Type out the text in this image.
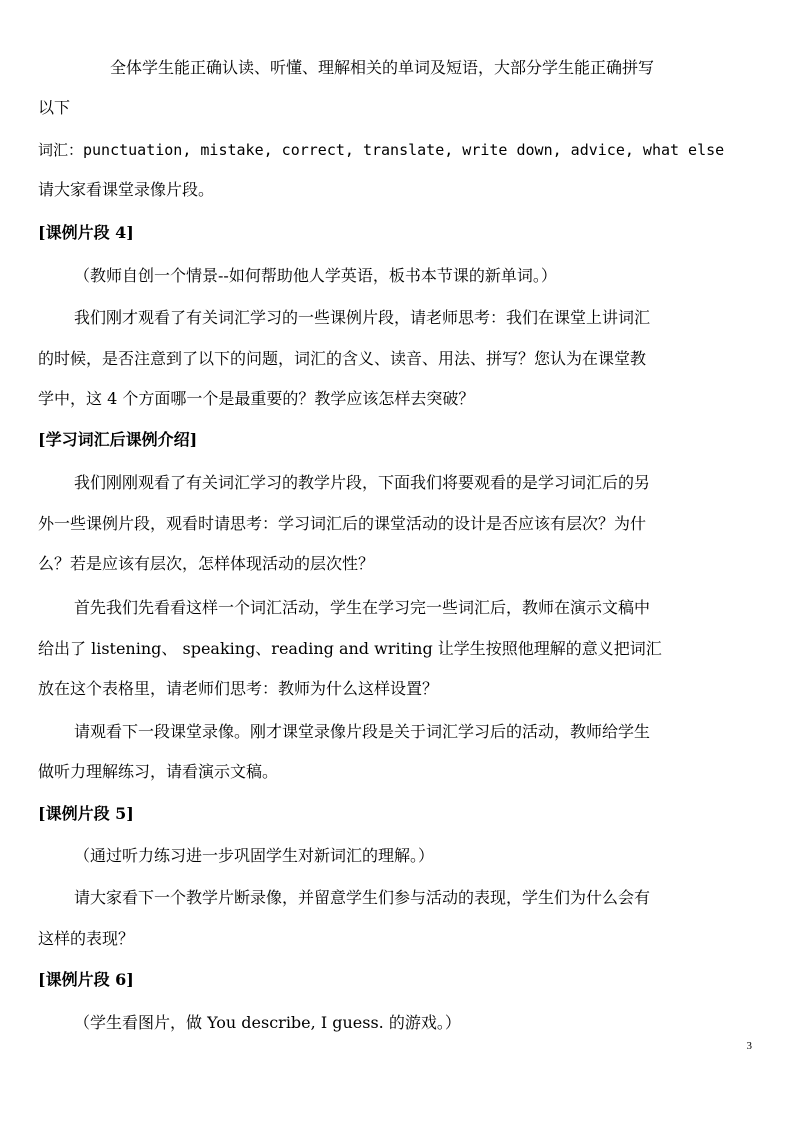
全体学生能正确认读、听懂、理解相关的单词及短语，大部分学生能正确拼写
以下
词汇：punctuation, mistake, correct, translate, write down, advice, what else
请大家看课堂录像片段。
[课例片段 4]
（教师自创一个情景--如何帮助他人学英语，板书本节课的新单词。）
我们刚才观看了有关词汇学习的一些课例片段，请老师思考：我们在课堂上讲词汇
的时候，是否注意到了以下的问题，词汇的含义、读音、用法、拼写？您认为在课堂教
学中，这 4 个方面哪一个是最重要的？教学应该怎样去突破？
[学习词汇后课例介绍]
我们刚刚观看了有关词汇学习的教学片段，下面我们将要观看的是学习词汇后的另
外一些课例片段，观看时请思考：学习词汇后的课堂活动的设计是否应该有层次？为什
么？若是应该有层次，怎样体现活动的层次性？
首先我们先看看这样一个词汇活动，学生在学习完一些词汇后，教师在演示文稿中
给出了 listening、 speaking、reading and writing 让学生按照他理解的意义把词汇
放在这个表格里，请老师们思考：教师为什么这样设置？
请观看下一段课堂录像。刚才课堂录像片段是关于词汇学习后的活动，教师给学生
做听力理解练习，请看演示文稿。
[课例片段 5]
（通过听力练习进一步巩固学生对新词汇的理解。）
请大家看下一个教学片断录像，并留意学生们参与活动的表现，学生们为什么会有
这样的表现？
[课例片段 6]
（学生看图片，做 You describe, I guess. 的游戏。）
3
